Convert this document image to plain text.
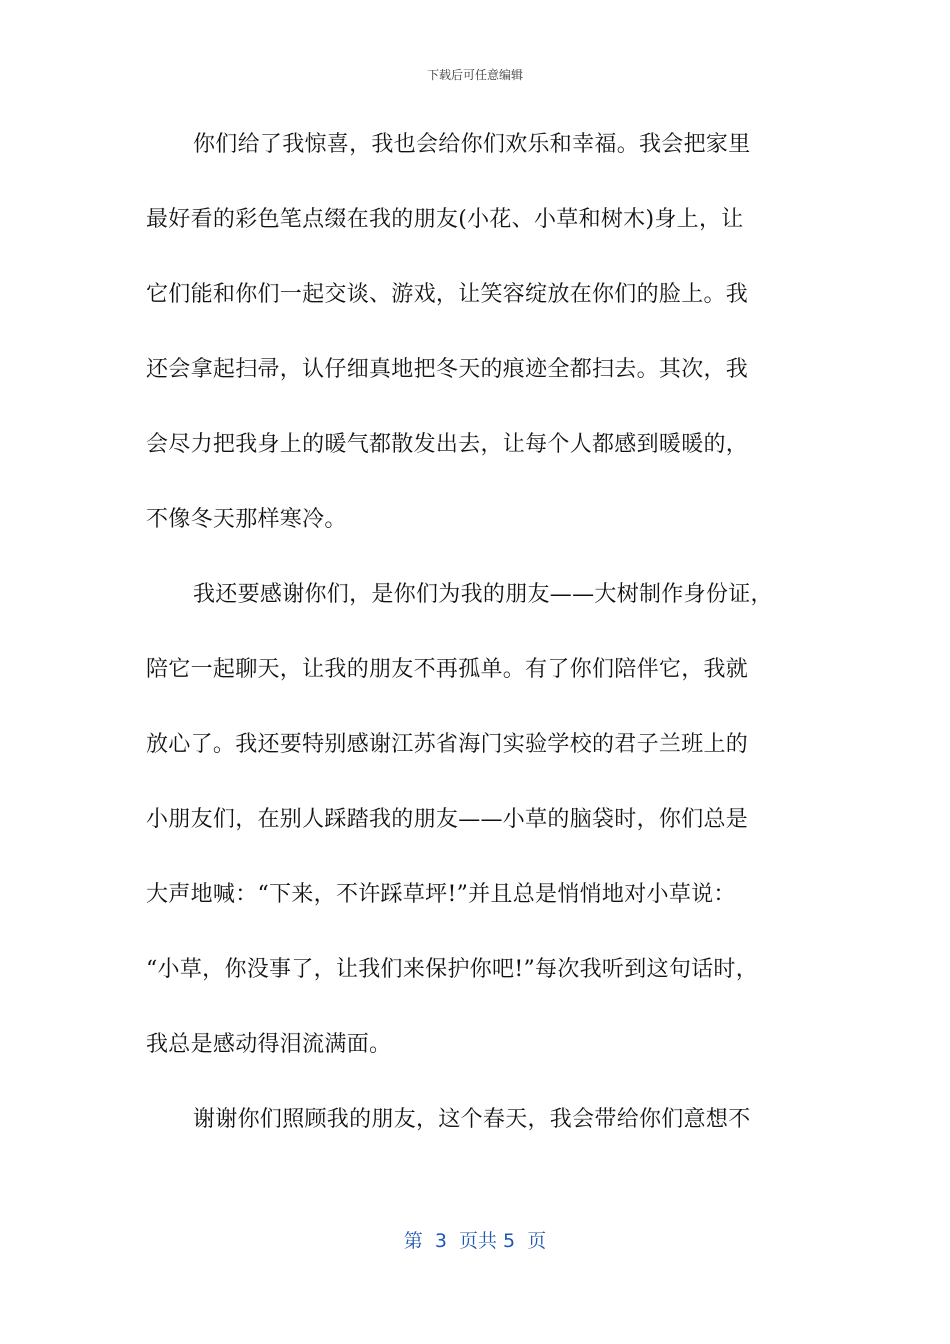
下载后可任意编辑
你们给了我惊喜，我也会给你们欢乐和幸福。我会把家里
最好看的彩色笔点缀在我的朋友(小花、小草和树木)身上，让
它们能和你们一起交谈、游戏，让笑容绽放在你们的脸上。我
还会拿起扫帚，认仔细真地把冬天的痕迹全都扫去。其次，我
会尽力把我身上的暖气都散发出去，让每个人都感到暖暖的，
不像冬天那样寒冷。
我还要感谢你们，是你们为我的朋友——大树制作身份证，
陪它一起聊天，让我的朋友不再孤单。有了你们陪伴它，我就
放心了。我还要特别感谢江苏省海门实验学校的君子兰班上的
小朋友们，在别人踩踏我的朋友——小草的脑袋时，你们总是
大声地喊：“下来，不许踩草坪!”并且总是悄悄地对小草说：
“小草，你没事了，让我们来保护你吧!”每次我听到这句话时，
我总是感动得泪流满面。
谢谢你们照顾我的朋友，这个春天，我会带给你们意想不
第  3  页共 5  页
